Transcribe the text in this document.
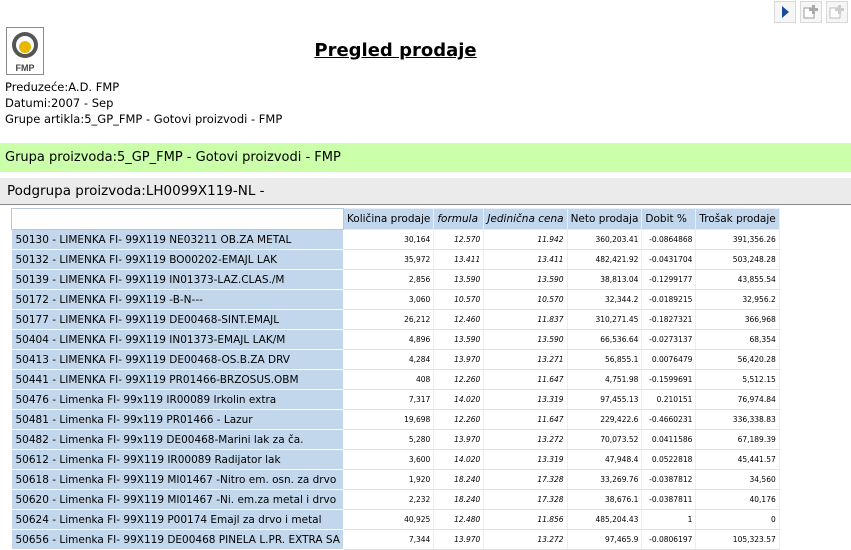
FMP
Pregled prodaje
Preduzeće:A.D. FMP
Datumi:2007 - Sep
Grupe artikla:5_GP_FMP - Gotovi proizvodi - FMP
Grupa proizvoda:5_GP_FMP - Gotovi proizvodi - FMP
Podgrupa proizvoda:LH0099X119-NL -
	Količina prodaje	formula	Jedinična cena	Neto prodaja	Dobit %	Trošak prodaje
50130 - LIMENKA FI- 99X119 NE03211 OB.ZA METAL	30,164	12.570	11.942	360,203.41	-0.0864868	391,356.26
50132 - LIMENKA FI- 99X119 BO00202-EMAJL LAK	35,972	13.411	13.411	482,421.92	-0.0431704	503,248.28
50139 - LIMENKA FI- 99X119 IN01373-LAZ.CLAS./M	2,856	13.590	13.590	38,813.04	-0.1299177	43,855.54
50172 - LIMENKA FI- 99X119 -B-N---	3,060	10.570	10.570	32,344.2	-0.0189215	32,956.2
50177 - LIMENKA FI- 99X119 DE00468-SINT.EMAJL	26,212	12.460	11.837	310,271.45	-0.1827321	366,968
50404 - LIMENKA FI- 99X119 IN01373-EMAJL LAK/M	4,896	13.590	13.590	66,536.64	-0.0273137	68,354
50413 - LIMENKA FI- 99X119 DE00468-OS.B.ZA DRV	4,284	13.970	13.271	56,855.1	0.0076479	56,420.28
50441 - LIMENKA FI- 99X119 PR01466-BRZOSUS.OBM	408	12.260	11.647	4,751.98	-0.1599691	5,512.15
50476 - Limenka FI- 99x119 IR00089 Irkolin extra	7,317	14.020	13.319	97,455.13	0.210151	76,974.84
50481 - Limenka FI- 99x119 PR01466 - Lazur	19,698	12.260	11.647	229,422.6	-0.4660231	336,338.83
50482 - Limenka FI- 99x119 DE00468-Marini lak za ča.	5,280	13.970	13.272	70,073.52	0.0411586	67,189.39
50612 - Limenka FI- 99X119 IR00089 Radijator lak	3,600	14.020	13.319	47,948.4	0.0522818	45,441.57
50618 - Limenka FI- 99X119 MI01467 -Nitro em. osn. za drvo	1,920	18.240	17.328	33,269.76	-0.0387812	34,560
50620 - Limenka FI- 99X119 MI01467 -Ni. em.za metal i drvo	2,232	18.240	17.328	38,676.1	-0.0387811	40,176
50624 - Limenka FI- 99X119 P00174 Emajl za drvo i metal	40,925	12.480	11.856	485,204.43	1	0
50656 - Limenka FI- 99X119 DE00468 PINELA L.PR. EXTRA SA	7,344	13.970	13.272	97,465.9	-0.0806197	105,323.57
